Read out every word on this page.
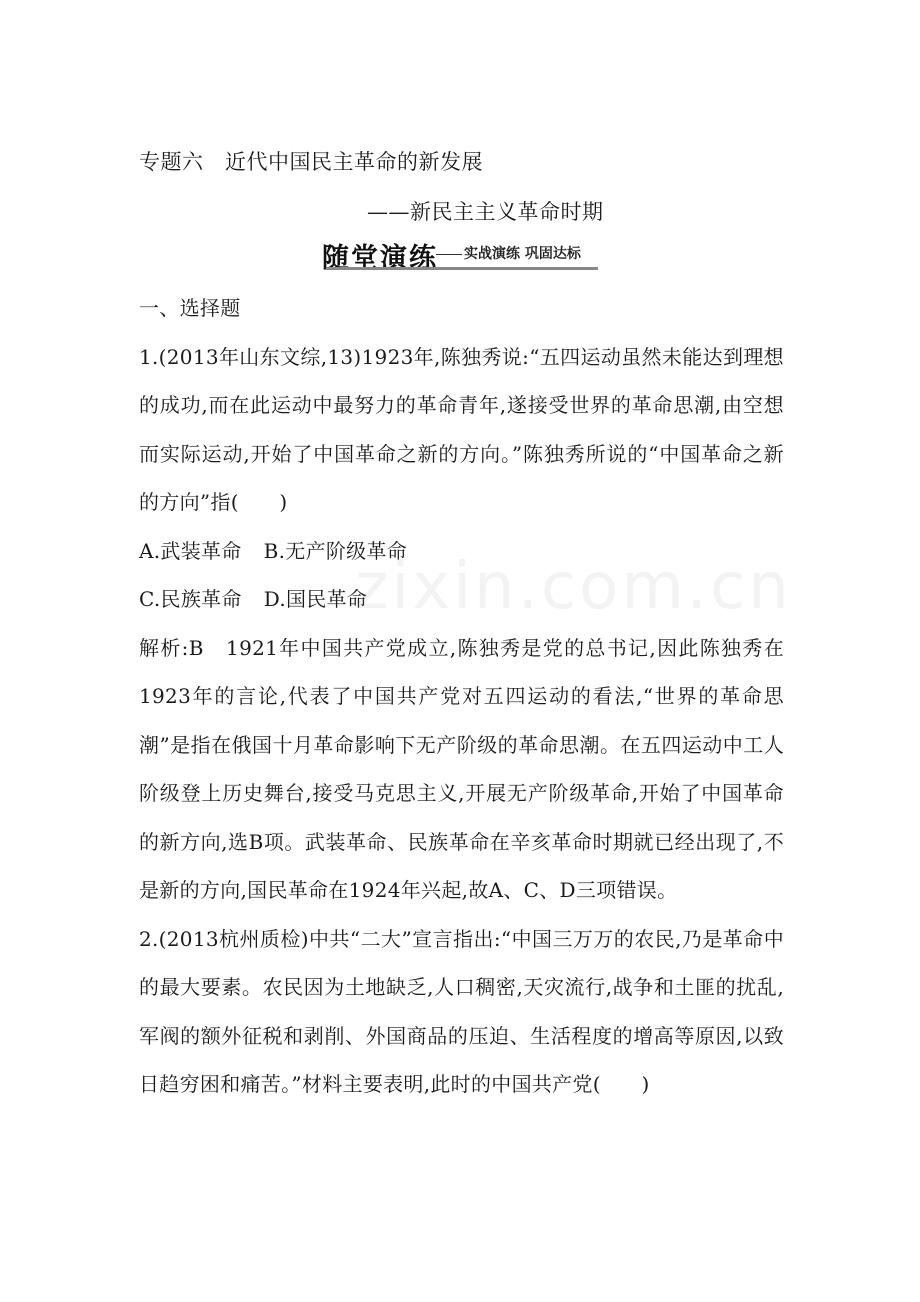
专题六　近代中国民主革命的新发展
——新民主主义革命时期
随堂演练 实战演练 巩固达标

一、选择题

1.(2013年山东文综,13)1923年,陈独秀说:“五四运动虽然未能达到理想的成功,而在此运动中最努力的革命青年,遂接受世界的革命思潮,由空想而实际运动,开始了中国革命之新的方向。”陈独秀所说的“中国革命之新的方向”指(　　)

A.武装革命 B.无产阶级革命
C.民族革命 D.国民革命

解析:B　1921年中国共产党成立,陈独秀是党的总书记,因此陈独秀在1923年的言论,代表了中国共产党对五四运动的看法,“世界的革命思潮”是指在俄国十月革命影响下无产阶级的革命思潮。在五四运动中工人阶级登上历史舞台,接受马克思主义,开展无产阶级革命,开始了中国革命的新方向,选B项。武装革命、民族革命在辛亥革命时期就已经出现了,不是新的方向,国民革命在1924年兴起,故A、C、D三项错误。

2.(2013杭州质检)中共“二大”宣言指出:“中国三万万的农民,乃是革命中的最大要素。农民因为土地缺乏,人口稠密,天灾流行,战争和土匪的扰乱,军阀的额外征税和剥削、外国商品的压迫、生活程度的增高等原因,以致日趋穷困和痛苦。”材料主要表明,此时的中国共产党(　　)

zixin.com.cn
